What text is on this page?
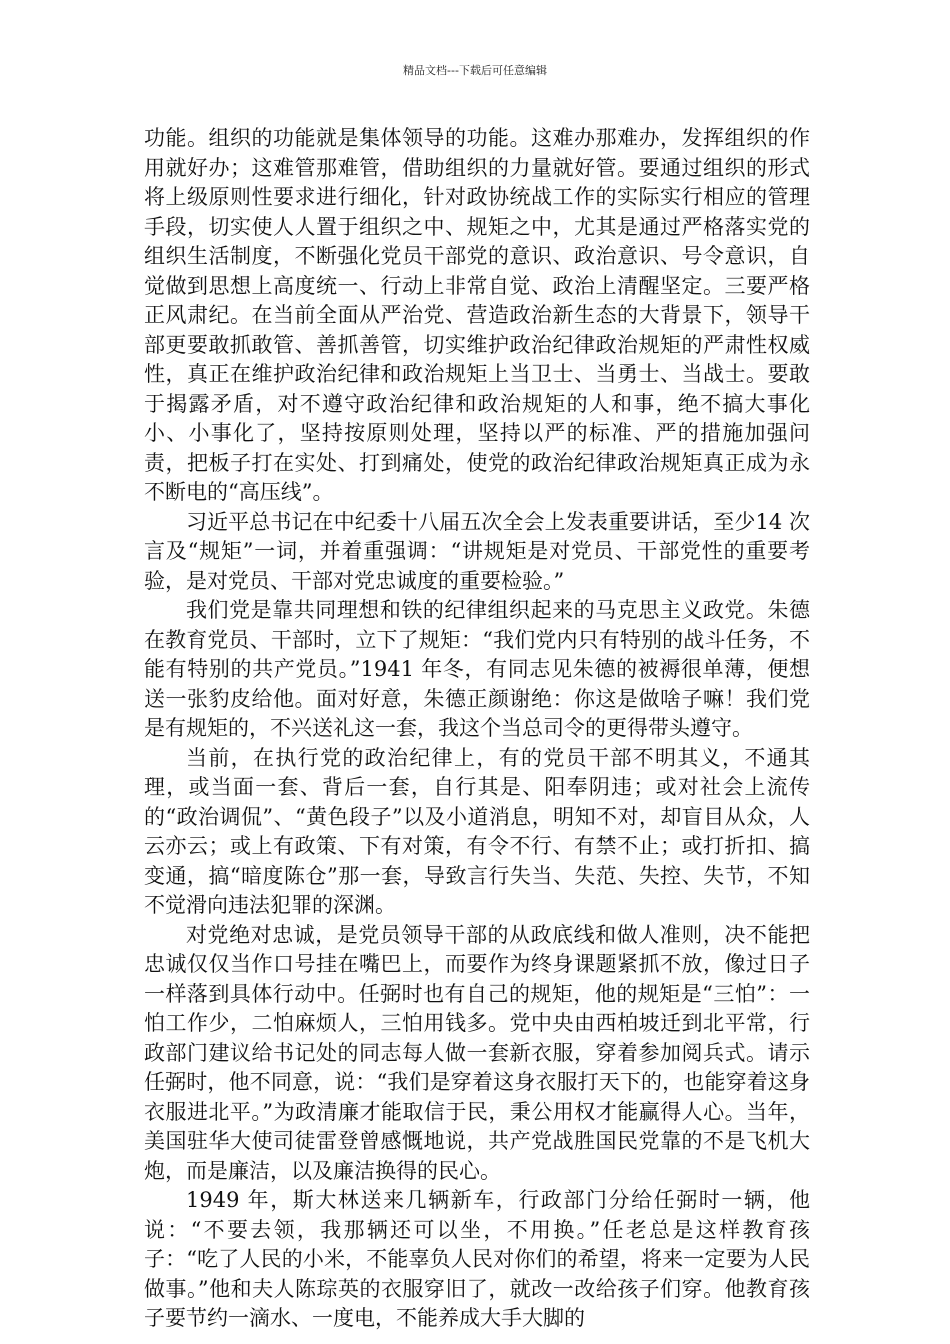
精品文档---下载后可任意编辑

功能。组织的功能就是集体领导的功能。这难办那难办，发挥组织的作用就好办；这难管那难管，借助组织的力量就好管。要通过组织的形式将上级原则性要求进行细化，针对政协统战工作的实际实行相应的管理手段，切实使人人置于组织之中、规矩之中，尤其是通过严格落实党的组织生活制度，不断强化党员干部党的意识、政治意识、号令意识，自觉做到思想上高度统一、行动上非常自觉、政治上清醒坚定。三要严格正风肃纪。在当前全面从严治党、营造政治新生态的大背景下，领导干部更要敢抓敢管、善抓善管，切实维护政治纪律政治规矩的严肃性权威性，真正在维护政治纪律和政治规矩上当卫士、当勇士、当战士。要敢于揭露矛盾，对不遵守政治纪律和政治规矩的人和事，绝不搞大事化小、小事化了，坚持按原则处理，坚持以严的标准、严的措施加强问责，把板子打在实处、打到痛处，使党的政治纪律政治规矩真正成为永不断电的“高压线”。

习近平总书记在中纪委十八届五次全会上发表重要讲话，至少14 次言及“规矩”一词，并着重强调：“讲规矩是对党员、干部党性的重要考验，是对党员、干部对党忠诚度的重要检验。”

我们党是靠共同理想和铁的纪律组织起来的马克思主义政党。朱德在教育党员、干部时，立下了规矩：“我们党内只有特别的战斗任务，不能有特别的共产党员。”1941 年冬，有同志见朱德的被褥很单薄，便想送一张豹皮给他。面对好意，朱德正颜谢绝：你这是做啥子嘛！我们党是有规矩的，不兴送礼这一套，我这个当总司令的更得带头遵守。

当前，在执行党的政治纪律上，有的党员干部不明其义，不通其理，或当面一套、背后一套，自行其是、阳奉阴违；或对社会上流传的“政治调侃”、“黄色段子”以及小道消息，明知不对，却盲目从众，人云亦云；或上有政策、下有对策，有令不行、有禁不止；或打折扣、搞变通，搞“暗度陈仓”那一套，导致言行失当、失范、失控、失节，不知不觉滑向违法犯罪的深渊。

对党绝对忠诚，是党员领导干部的从政底线和做人准则，决不能把忠诚仅仅当作口号挂在嘴巴上，而要作为终身课题紧抓不放，像过日子一样落到具体行动中。任弼时也有自己的规矩，他的规矩是“三怕”：一怕工作少，二怕麻烦人，三怕用钱多。党中央由西柏坡迁到北平常，行政部门建议给书记处的同志每人做一套新衣服，穿着参加阅兵式。请示任弼时，他不同意，说：“我们是穿着这身衣服打天下的，也能穿着这身衣服进北平。”为政清廉才能取信于民，秉公用权才能赢得人心。当年，美国驻华大使司徒雷登曾感慨地说，共产党战胜国民党靠的不是飞机大炮，而是廉洁，以及廉洁换得的民心。

1949 年，斯大林送来几辆新车，行政部门分给任弼时一辆，他说：“不要去领，我那辆还可以坐，不用换。”任老总是这样教育孩子：“吃了人民的小米，不能辜负人民对你们的希望，将来一定要为人民做事。”他和夫人陈琮英的衣服穿旧了，就改一改给孩子们穿。他教育孩子要节约一滴水、一度电，不能养成大手大脚的
